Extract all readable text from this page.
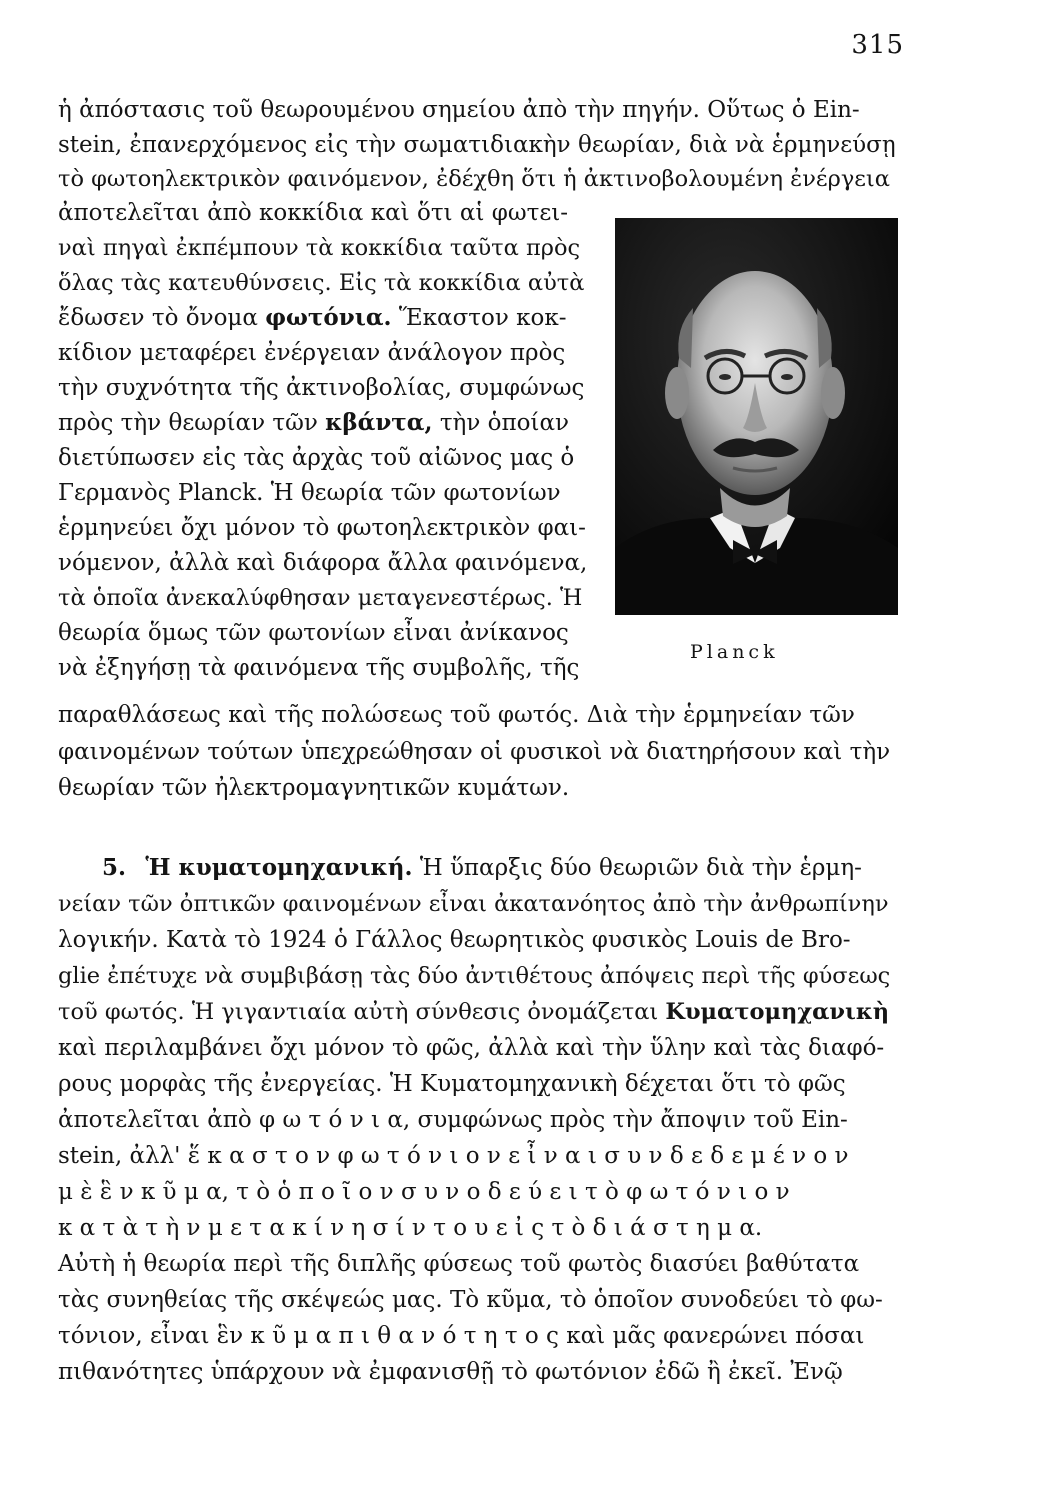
315
ἡ ἀπόστασις τοῦ θεωρουμένου σημείου ἀπὸ τὴν πηγήν. Οὕτως ὁ Ein-
stein, ἐπανερχόμενος εἰς τὴν σωματιδιακὴν θεωρίαν, διὰ νὰ ἑρμηνεύσῃ
τὸ φωτοηλεκτρικὸν φαινόμενον, ἐδέχθη ὅτι ἡ ἀκτινοβολουμένη ἐνέργεια
ἀποτελεῖται ἀπὸ κοκκίδια καὶ ὅτι αἱ φωτει-
ναὶ πηγαὶ ἐκπέμπουν τὰ κοκκίδια ταῦτα πρὸς
ὅλας τὰς κατευθύνσεις. Εἰς τὰ κοκκίδια αὐτὰ
ἔδωσεν τὸ ὄνομα φωτόνια. Ἕκαστον κοκ-
κίδιον μεταφέρει ἐνέργειαν ἀνάλογον πρὸς
τὴν συχνότητα τῆς ἀκτινοβολίας, συμφώνως
πρὸς τὴν θεωρίαν τῶν κβάντα, τὴν ὁποίαν
διετύπωσεν εἰς τὰς ἀρχὰς τοῦ αἰῶνος μας ὁ
Γερμανὸς Planck. Ἡ θεωρία τῶν φωτονίων
ἑρμηνεύει ὄχι μόνον τὸ φωτοηλεκτρικὸν φαι-
νόμενον, ἀλλὰ καὶ διάφορα ἄλλα φαινόμενα,
τὰ ὁποῖα ἀνεκαλύφθησαν μεταγενεστέρως. Ἡ
θεωρία ὅμως τῶν φωτονίων εἶναι ἀνίκανος
νὰ ἐξηγήσῃ τὰ φαινόμενα τῆς συμβολῆς, τῆς
παραθλάσεως καὶ τῆς πολώσεως τοῦ φωτός. Διὰ τὴν ἑρμηνείαν τῶν
φαινομένων τούτων ὑπεχρεώθησαν οἱ φυσικοὶ νὰ διατηρήσουν καὶ τὴν
θεωρίαν τῶν ἠλεκτρομαγνητικῶν κυμάτων.
Planck
5. Ἡ κυματομηχανική. Ἡ ὕπαρξις δύο θεωριῶν διὰ τὴν ἑρμη-
νείαν τῶν ὀπτικῶν φαινομένων εἶναι ἀκατανόητος ἀπὸ τὴν ἀνθρωπίνην
λογικήν. Κατὰ τὸ 1924 ὁ Γάλλος θεωρητικὸς φυσικὸς Louis de Bro-
glie ἐπέτυχε νὰ συμβιβάσῃ τὰς δύο ἀντιθέτους ἀπόψεις περὶ τῆς φύσεως
τοῦ φωτός. Ἡ γιγαντιαία αὐτὴ σύνθεσις ὀνομάζεται Κυματομηχανικὴ
καὶ περιλαμβάνει ὄχι μόνον τὸ φῶς, ἀλλὰ καὶ τὴν ὕλην καὶ τὰς διαφό-
ρους μορφὰς τῆς ἐνεργείας. Ἡ Κυματομηχανικὴ δέχεται ὅτι τὸ φῶς
ἀποτελεῖται ἀπὸ φ ω τ ό ν ι α, συμφώνως πρὸς τὴν ἄποψιν τοῦ Ein-
stein, ἀλλ' ἕ κ α σ τ ο ν φ ω τ ό ν ι ο ν ε ἶ ν α ι σ υ ν δ ε δ ε μ έ ν ο ν
μ ὲ ἓ ν κ ῦ μ α, τ ὸ ὁ π ο ῖ ο ν σ υ ν ο δ ε ύ ε ι τ ὸ φ ω τ ό ν ι ο ν
κ α τ ὰ τ ὴ ν μ ε τ α κ ί ν η σ ί ν τ ο υ ε ἰ ς τ ὸ δ ι ά σ τ η μ α.
Αὐτὴ ἡ θεωρία περὶ τῆς διπλῆς φύσεως τοῦ φωτὸς διασύει βαθύτατα
τὰς συνηθείας τῆς σκέψεώς μας. Τὸ κῦμα, τὸ ὁποῖον συνοδεύει τὸ φω-
τόνιον, εἶναι ἓν κ ῦ μ α π ι θ α ν ό τ η τ ο ς καὶ μᾶς φανερώνει πόσαι
πιθανότητες ὑπάρχουν νὰ ἐμφανισθῇ τὸ φωτόνιον ἐδῶ ἢ ἐκεῖ. Ἐνῷ
